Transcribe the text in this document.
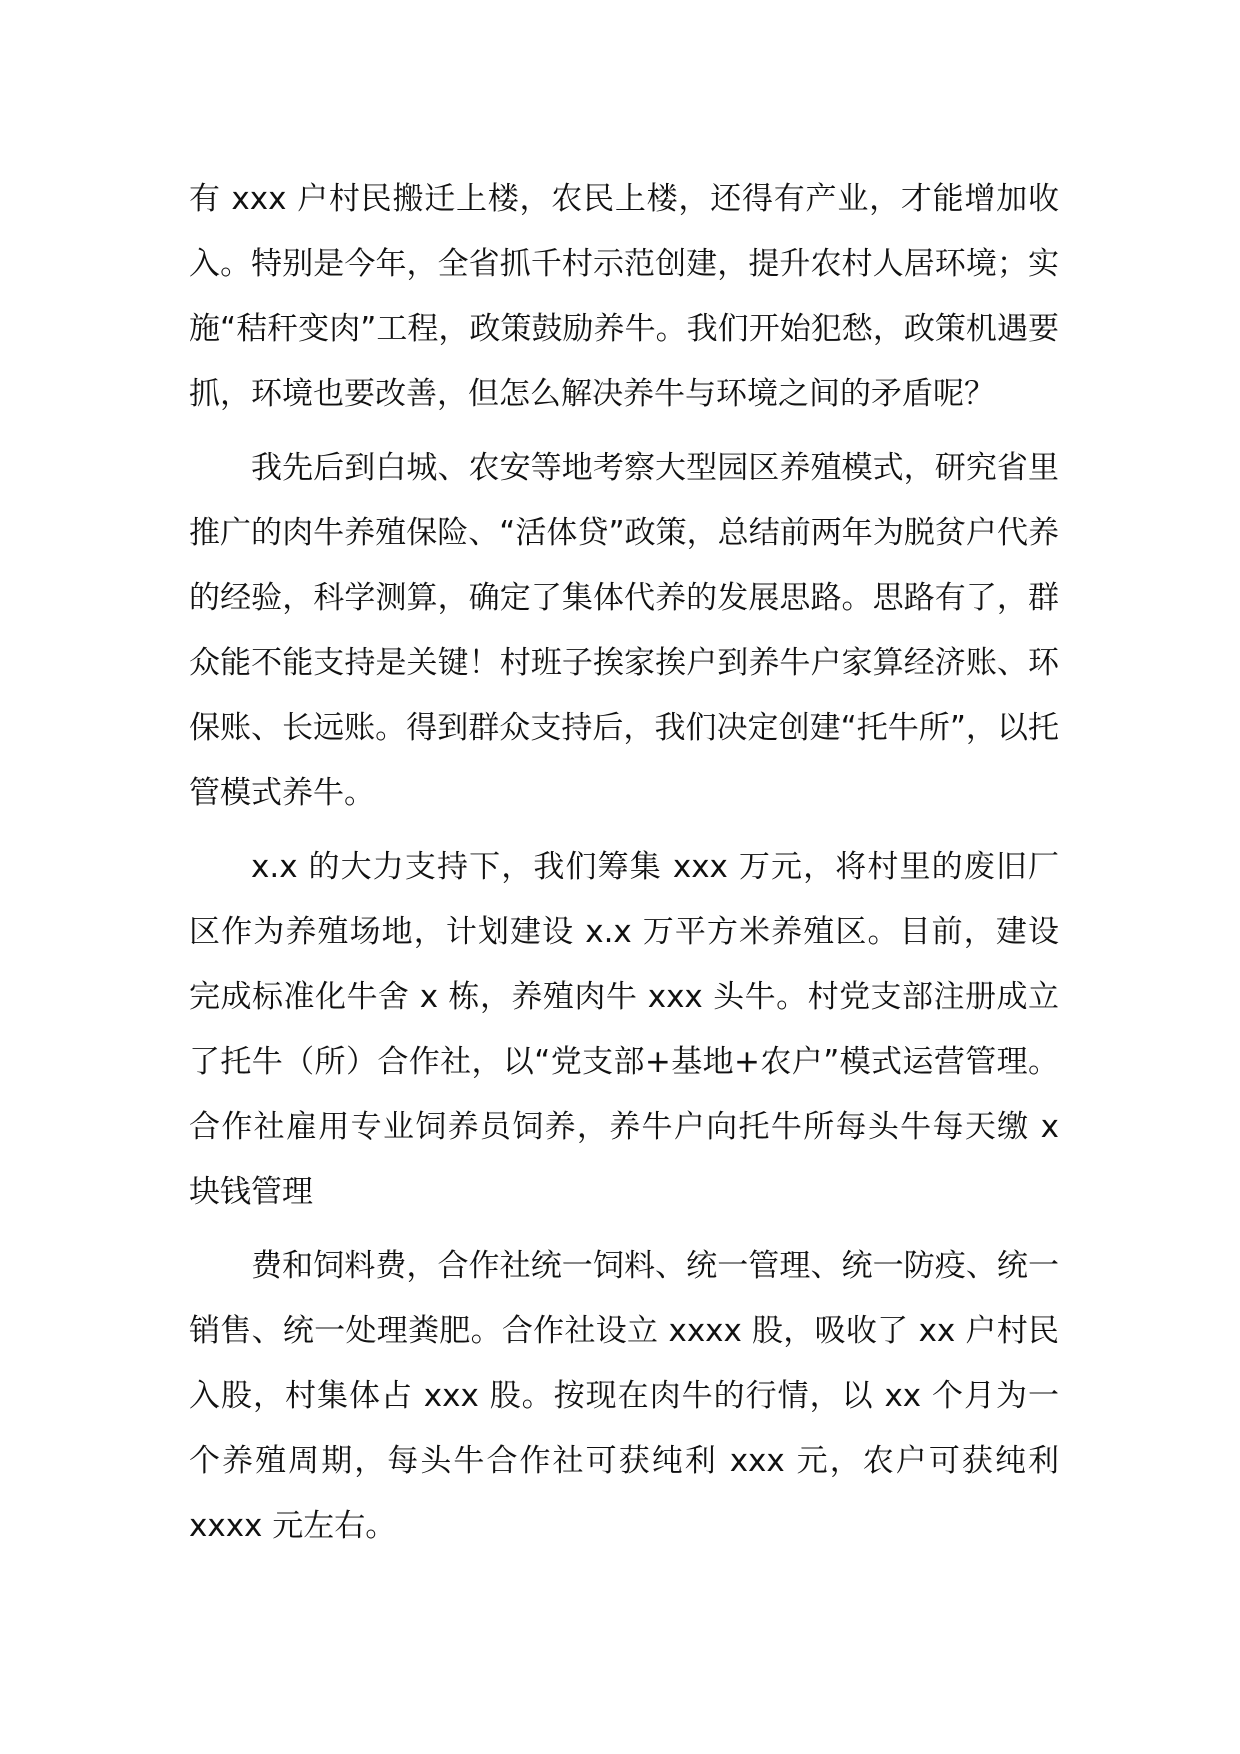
有 xxx 户村民搬迁上楼，农民上楼，还得有产业，才能增加收入。特别是今年，全省抓千村示范创建，提升农村人居环境；实施“秸秆变肉”工程，政策鼓励养牛。我们开始犯愁，政策机遇要抓，环境也要改善，但怎么解决养牛与环境之间的矛盾呢？

我先后到白城、农安等地考察大型园区养殖模式，研究省里推广的肉牛养殖保险、“活体贷”政策，总结前两年为脱贫户代养的经验，科学测算，确定了集体代养的发展思路。思路有了，群众能不能支持是关键！村班子挨家挨户到养牛户家算经济账、环保账、长远账。得到群众支持后，我们决定创建“托牛所”，以托管模式养牛。

x.x 的大力支持下，我们筹集 xxx 万元，将村里的废旧厂区作为养殖场地，计划建设 x.x 万平方米养殖区。目前，建设完成标准化牛舍 x 栋，养殖肉牛 xxx 头牛。村党支部注册成立了托牛（所）合作社，以“党支部+基地+农户”模式运营管理。合作社雇用专业饲养员饲养，养牛户向托牛所每头牛每天缴 x 块钱管理

费和饲料费，合作社统一饲料、统一管理、统一防疫、统一销售、统一处理粪肥。合作社设立 xxxx 股，吸收了 xx 户村民入股，村集体占 xxx 股。按现在肉牛的行情，以 xx 个月为一个养殖周期，每头牛合作社可获纯利 xxx 元，农户可获纯利 xxxx 元左右。
